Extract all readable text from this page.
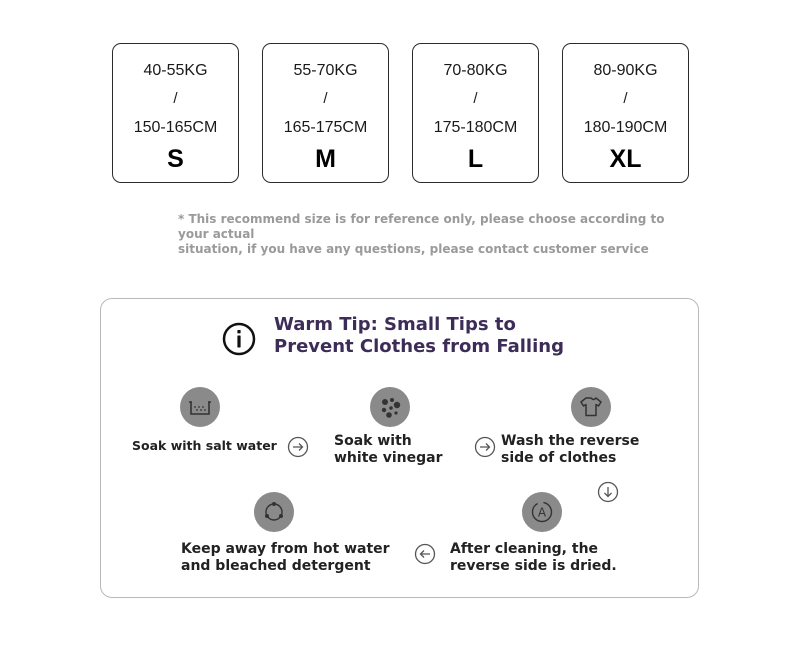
40-55KG
/
150-165CM
S
55-70KG
/
165-175CM
M
70-80KG
/
175-180CM
L
80-90KG
/
180-190CM
XL
* This recommend size is for reference only, please choose according to your actual
situation, if you have any questions, please contact customer service
Warm Tip: Small Tips to
Prevent Clothes from Falling
Soak with salt water	Soak with
white vinegar
Wash the reverse
side of clothes
A
After cleaning, the
reverse side is dried.
Keep away from hot water
and bleached detergent
